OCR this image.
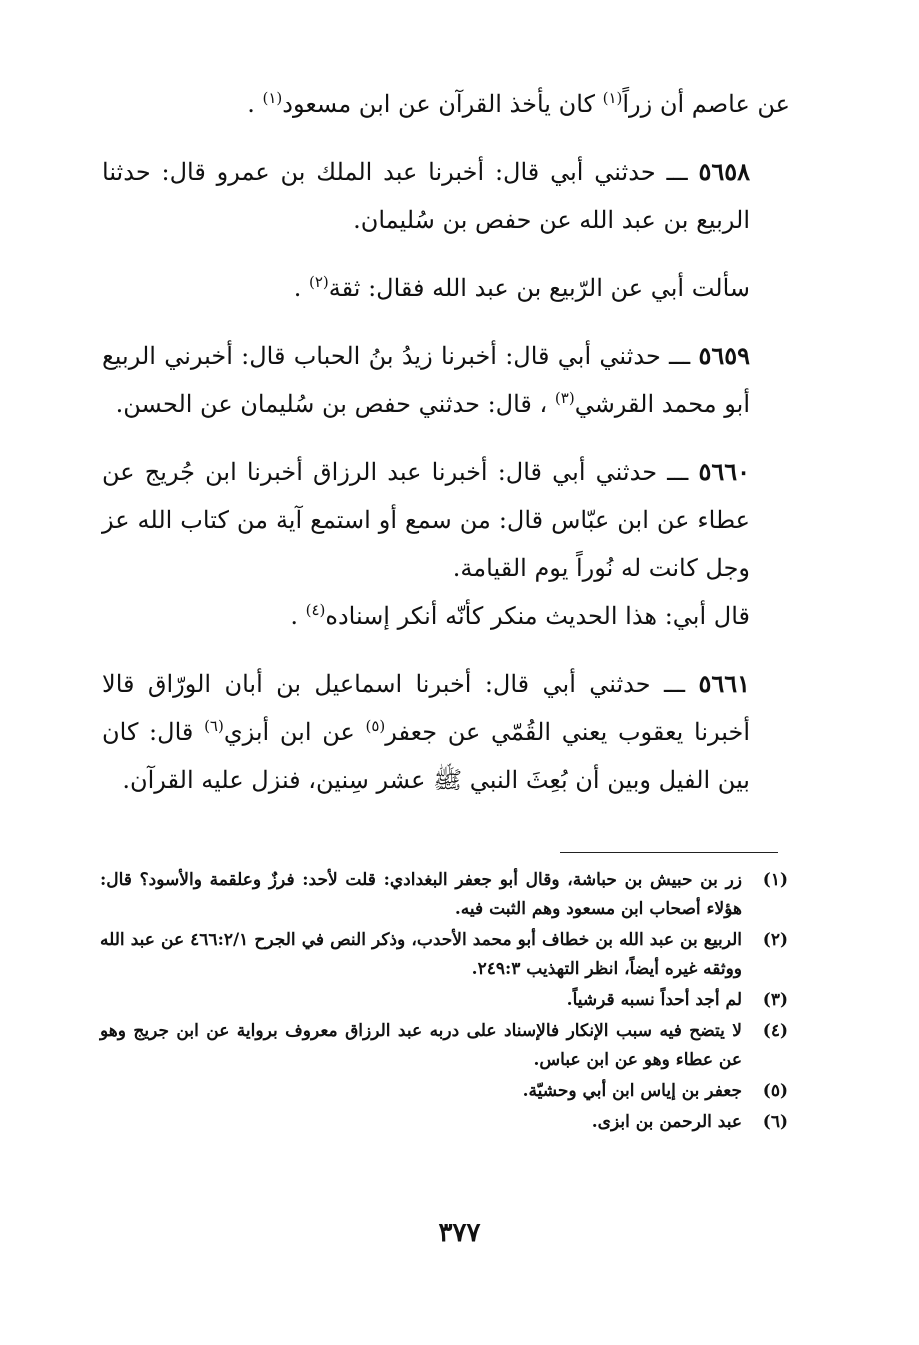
عن عاصم أن زراً$^{(١)}$ كان يأخذ القرآن عن ابن مسعود$^{(١)}$ .

٥٦٥٨ ـــ حدثني أبي قال: أخبرنا عبد الملك بن عمرو قال: حدثنا الربيع بن عبد الله عن حفص بن سُليمان.

سألت أبي عن الرّبيع بن عبد الله فقال: ثقة$^{(٢)}$ .

٥٦٥٩ ـــ حدثني أبي قال: أخبرنا زيدُ بنُ الحباب قال: أخبرني الربيع أبو محمد القرشي$^{(٣)}$ ، قال: حدثني حفص بن سُليمان عن الحسن.

٥٦٦٠ ـــ حدثني أبي قال: أخبرنا عبد الرزاق أخبرنا ابن جُريج عن عطاء عن ابن عبّاس قال: من سمع أو استمع آية من كتاب الله عز وجل كانت له نُوراً يوم القيامة.

قال أبي: هذا الحديث منكر كأنّه أنكر إسناده$^{(٤)}$ .

٥٦٦١ ـــ حدثني أبي قال: أخبرنا اسماعيل بن أبان الورّاق قالا أخبرنا يعقوب يعني القُمّي عن جعفر$^{(٥)}$ عن ابن أبزي$^{(٦)}$ قال: كان بين الفيل وبين أن بُعِثَ النبي ﷺ عشر سِنين، فنزل عليه القرآن.

(١)
زر بن حبيش بن حباشة، وقال أبو جعفر البغدادي: قلت لأحد: فرزٌ وعلقمة والأسود؟ قال: هؤلاء أصحاب ابن مسعود وهم الثبت فيه.
(٢)
الربيع بن عبد الله بن خطاف أبو محمد الأحدب، وذكر النص في الجرح ٤٦٦:٢/١ عن عبد الله ووثقه غيره أيضاً، انظر التهذيب ٢٤٩:٣.
(٣)
لم أجد أحداً نسبه قرشياً.
(٤)
لا يتضح فيه سبب الإنكار فالإسناد على دربه عبد الرزاق معروف برواية عن ابن جريج وهو عن عطاء وهو عن ابن عباس.
(٥)
جعفر بن إياس ابن أبي وحشيّة.
(٦)
عبد الرحمن بن ابزى.
٣٧٧
